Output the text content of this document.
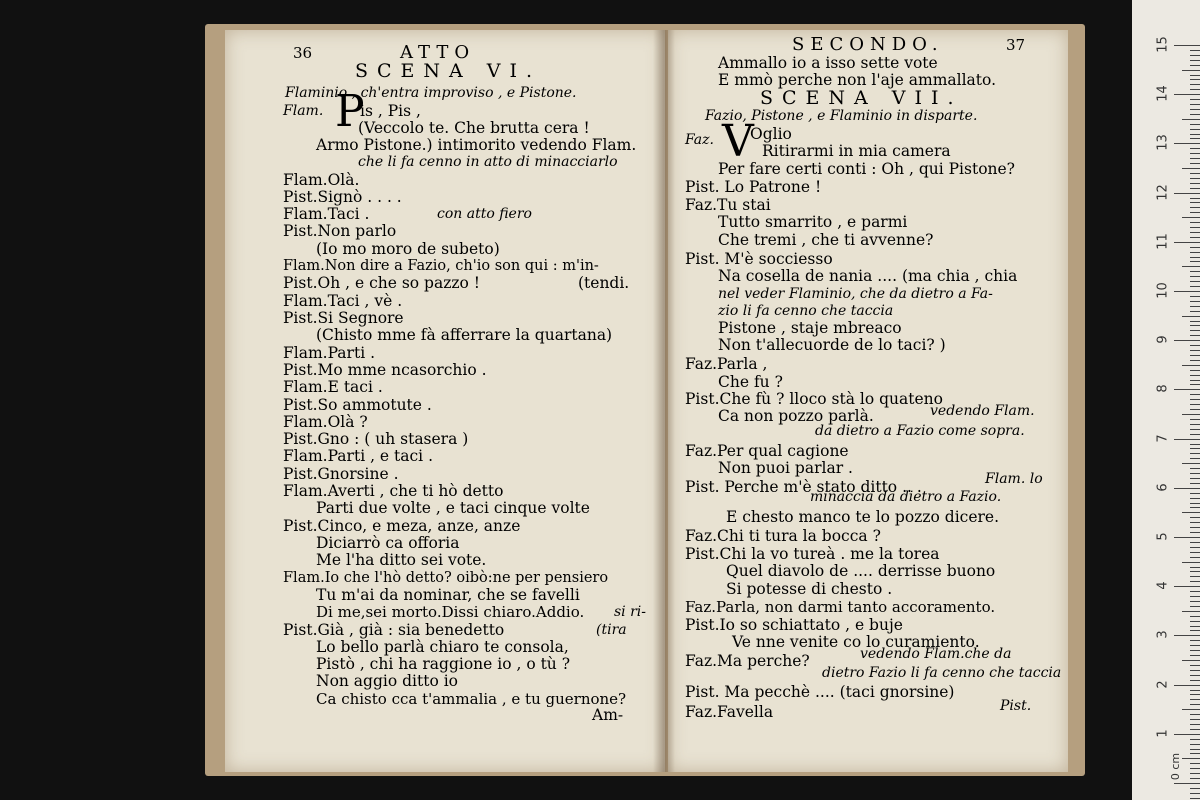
36	ATTO
SCENA VI.
Flaminio , ch'entra improviso , e Pistone.
Flam. P
is , Pis ,
(Veccolo te. Che brutta cera !
Armo Pistone.) intimorito vedendo Flam.
che li fa cenno in atto di minacciarlo
Flam.Olà.
Pist.Signò . . . .
Flam.Taci .	con atto fiero
Pist.Non parlo
(Io mo moro de subeto)
Flam.Non dire a Fazio, ch'io son qui : m'in-
Pist.Oh , e che so pazzo !	(tendi.
Flam.Taci , vè .
Pist.Si Segnore
(Chisto mme fà afferrare la quartana)
Flam.Parti .
Pist.Mo mme ncasorchio .
Flam.E taci .
Pist.So ammotute .
Flam.Olà ?
Pist.Gno : ( uh stasera )
Flam.Parti , e taci .
Pist.Gnorsine .
Flam.Averti , che ti hò detto
Parti due volte , e taci cinque volte
Pist.Cinco, e meza, anze, anze
Diciarrò ca offoria
Me l'ha ditto sei vote.
Flam.Io che l'hò detto? oibò:ne per pensiero
Tu m'ai da nominar, che se favelli
Di me,sei morto.Dissi chiaro.Addio. si ri-
Pist.Già , già : sia benedetto	(tira
Lo bello parlà chiaro te consola,
Pistò , chi ha raggione io , o tù ?
Non aggio ditto io
Ca chisto cca t'ammalia , e tu guernone?
Am-
SECONDO.	37
Ammallo io a isso sette vote
E mmò perche non l'aje ammallato.
SCENA VII.
Fazio, Pistone , e Flaminio in disparte.
Faz. V
Oglio
Ritirarmi in mia camera
Per fare certi conti : Oh , qui Pistone?
Pist. Lo Patrone !
Faz.Tu stai
Tutto smarrito , e parmi
Che tremi , che ti avvenne?
Pist. M'è socciesso
Na cosella de nania .... (ma chia , chia
nel veder Flaminio, che da dietro a Fa-
zio li fa cenno che taccia
Pistone , staje mbreaco
Non t'allecuorde de lo taci? )
Faz.Parla ,
Che fu ?
Pist.Che fù ? lloco stà lo quateno
Ca non pozzo parlà.	vedendo Flam.
da dietro a Fazio come sopra.
Faz.Per qual cagione
Non puoi parlar .
Pist. Perche m'è stato ditto .. .	Flam. lo
minaccia da dietro a Fazio.
E chesto manco te lo pozzo dicere.
Faz.Chi ti tura la bocca ?
Pist.Chi la vo tureà . me la torea
Quel diavolo de .... derrisse buono
Si potesse di chesto .
Faz.Parla, non darmi tanto accoramento.
Pist.Io so schiattato , e buje
Ve nne venite co lo curamiento.
Faz.Ma perche?	vedendo Flam.che da
dietro Fazio li fa cenno che taccia
Pist. Ma pecchè .... (taci gnorsine)
Faz.Favella	Pist.
15
14
13
12
11
10
9
8
7
6
5
4
3
2
1
0 cm
